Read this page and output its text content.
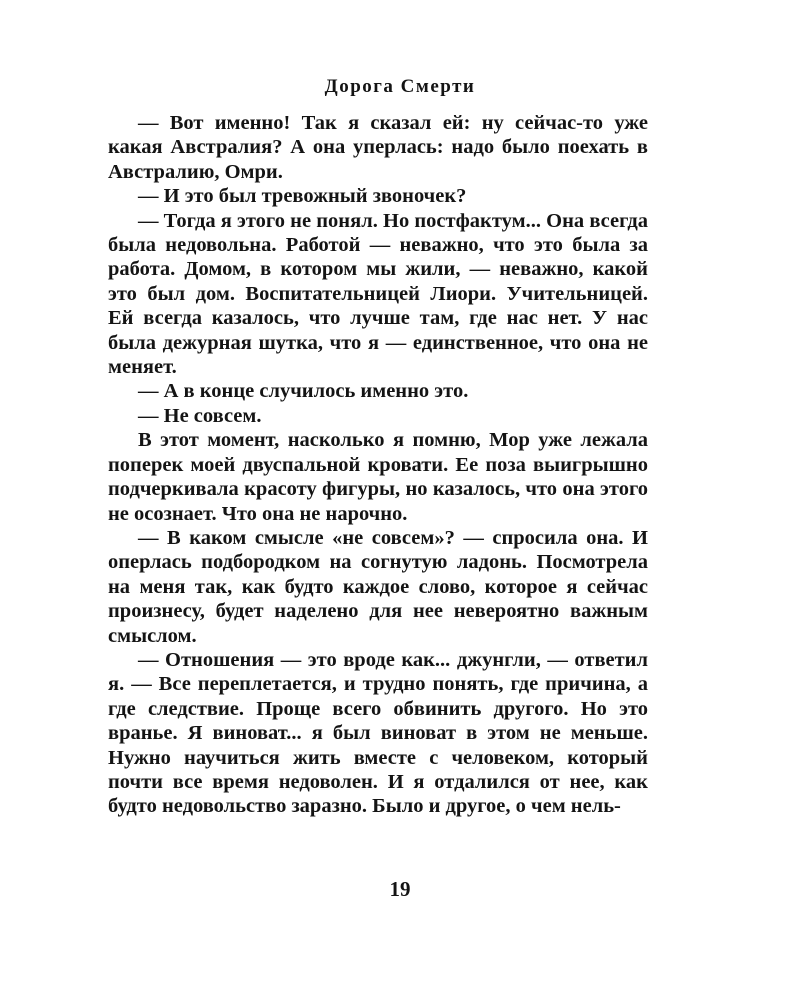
Дорога Смерти

— Вот именно! Так я сказал ей: ну сейчас-то уже какая Австралия? А она уперлась: надо было поехать в Австралию, Омри.

— И это был тревожный звоночек?

— Тогда я этого не понял. Но постфактум... Она всегда была недовольна. Работой — неважно, что это была за работа. Домом, в котором мы жили, — неважно, какой это был дом. Воспитательницей Лиори. Учительницей. Ей всегда казалось, что лучше там, где нас нет. У нас была дежурная шутка, что я — единственное, что она не меняет.

— А в конце случилось именно это.

— Не совсем.

В этот момент, насколько я помню, Мор уже лежала поперек моей двуспальной кровати. Ее поза выигрышно подчеркивала красоту фигуры, но казалось, что она этого не осознает. Что она не нарочно.

— В каком смысле «не совсем»? — спросила она. И оперлась подбородком на согнутую ладонь. Посмотрела на меня так, как будто каждое слово, которое я сейчас произнесу, будет наделено для нее невероятно важным смыслом.

— Отношения — это вроде как... джунгли, — ответил я. — Все переплетается, и трудно понять, где причина, а где следствие. Проще всего обвинить другого. Но это вранье. Я виноват... я был виноват в этом не меньше. Нужно научиться жить вместе с человеком, который почти все время недоволен. И я отдалился от нее, как будто недовольство заразно. Было и другое, о чем нель-

19
